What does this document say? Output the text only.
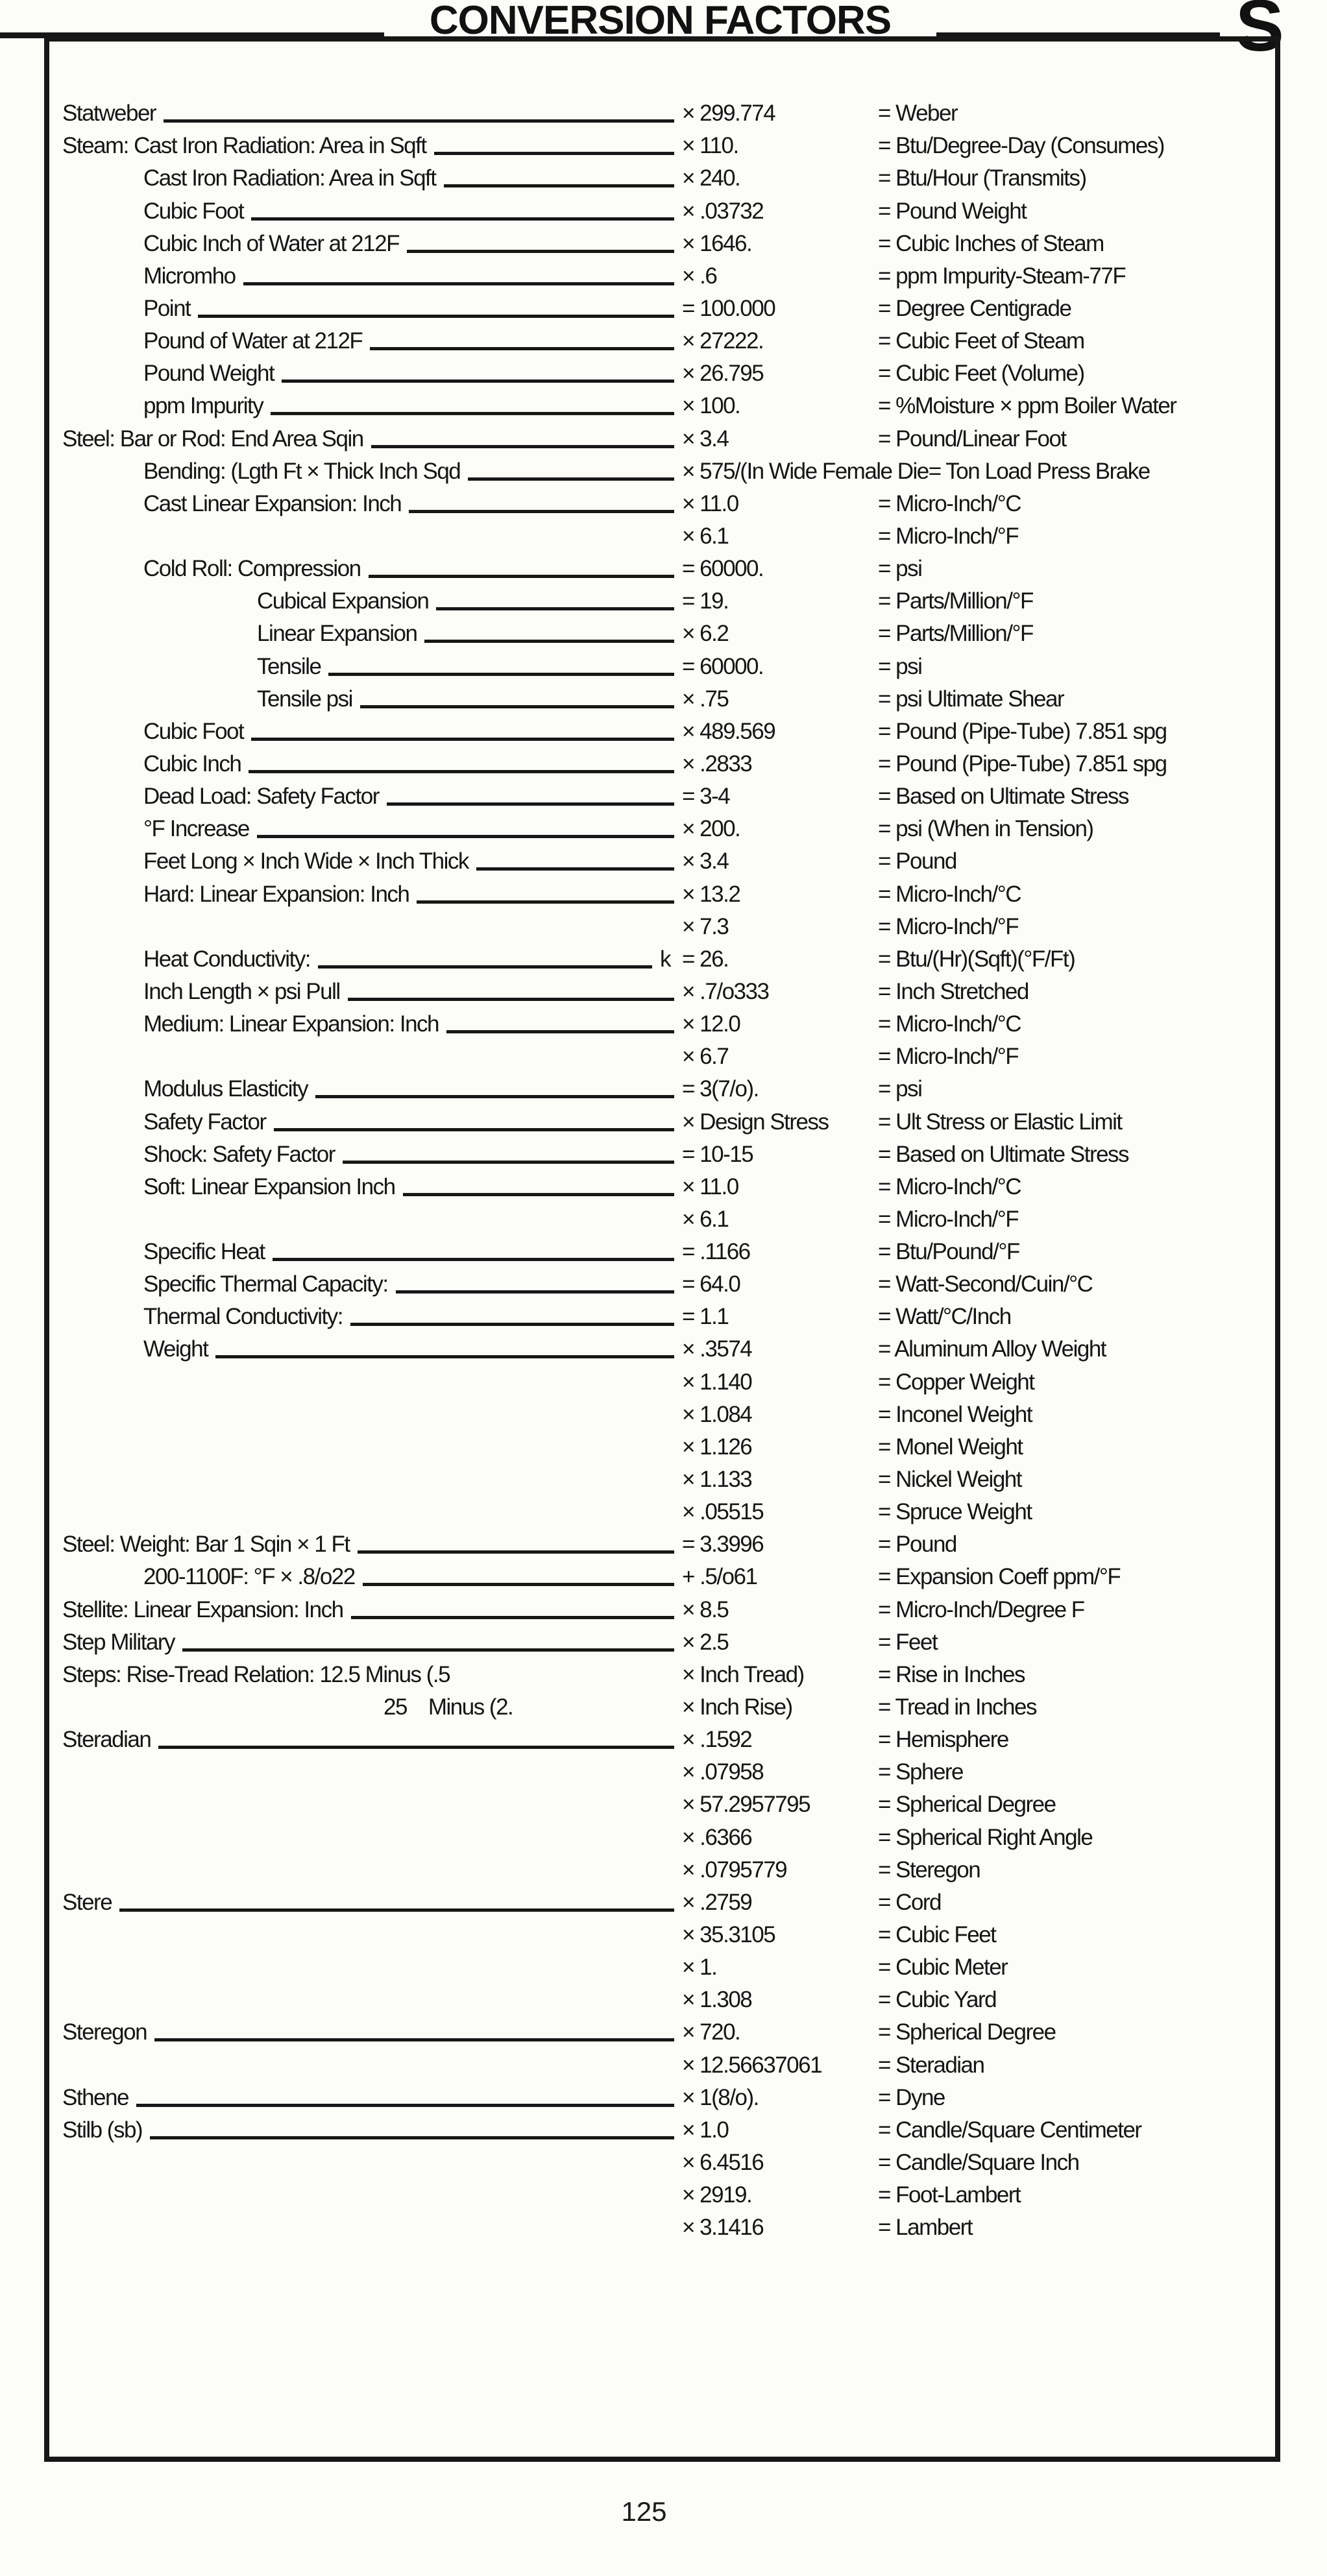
CONVERSION FACTORS	S
Statweber	× 299.774	= Weber
Steam: Cast Iron Radiation: Area in Sqft	× 110.	= Btu/Degree-Day (Consumes)
Cast Iron Radiation: Area in Sqft	× 240.	= Btu/Hour (Transmits)
Cubic Foot	× .03732	= Pound Weight
Cubic Inch of Water at 212F	× 1646.	= Cubic Inches of Steam
Micromho	× .6	= ppm Impurity-Steam-77F
Point	= 100.000	= Degree Centigrade
Pound of Water at 212F	× 27222.	= Cubic Feet of Steam
Pound Weight	× 26.795	= Cubic Feet (Volume)
ppm Impurity	× 100.	= %Moisture × ppm Boiler Water
Steel: Bar or Rod: End Area Sqin	× 3.4	= Pound/Linear Foot
Bending: (Lgth Ft × Thick Inch Sqd	× 575/(In Wide Female Die = Ton Load Press Brake
Cast Linear Expansion: Inch	× 11.0	= Micro-Inch/°C
× 6.1	= Micro-Inch/°F
Cold Roll: Compression	= 60000.	= psi
Cubical Expansion	= 19.	= Parts/Million/°F
Linear Expansion	× 6.2	= Parts/Million/°F
Tensile	= 60000.	= psi
Tensile psi	× .75	= psi Ultimate Shear
Cubic Foot	× 489.569	= Pound (Pipe-Tube) 7.851 spg
Cubic Inch	× .2833	= Pound (Pipe-Tube) 7.851 spg
Dead Load: Safety Factor	= 3-4	= Based on Ultimate Stress
°F Increase	× 200.	= psi (When in Tension)
Feet Long × Inch Wide × Inch Thick	× 3.4	= Pound
Hard: Linear Expansion: Inch	× 13.2	= Micro-Inch/°C
× 7.3	= Micro-Inch/°F
Heat Conductivity:	k = 26.	= Btu/(Hr)(Sqft)(°F/Ft)
Inch Length × psi Pull	× .7/o333	= Inch Stretched
Medium: Linear Expansion: Inch	× 12.0	= Micro-Inch/°C
× 6.7	= Micro-Inch/°F
Modulus Elasticity	= 3(7/o).	= psi
Safety Factor	× Design Stress	= Ult Stress or Elastic Limit
Shock: Safety Factor	= 10-15	= Based on Ultimate Stress
Soft: Linear Expansion Inch	× 11.0	= Micro-Inch/°C
× 6.1	= Micro-Inch/°F
Specific Heat	= .1166	= Btu/Pound/°F
Specific Thermal Capacity:	= 64.0	= Watt-Second/Cuin/°C
Thermal Conductivity:	= 1.1	= Watt/°C/Inch
Weight	× .3574	= Aluminum Alloy Weight
× 1.140	= Copper Weight
× 1.084	= Inconel Weight
× 1.126	= Monel Weight
× 1.133	= Nickel Weight
× .05515	= Spruce Weight
Steel: Weight: Bar 1 Sqin × 1 Ft	= 3.3996	= Pound
200-1100F: °F × .8/o22	+ .5/o61	= Expansion Coeff ppm/°F
Stellite: Linear Expansion: Inch	× 8.5	= Micro-Inch/Degree F
Step Military	× 2.5	= Feet
Steps: Rise-Tread Relation: 12.5 Minus (.5	× Inch Tread)	= Rise in Inches
25    Minus (2.	× Inch Rise)	= Tread in Inches
Steradian	× .1592	= Hemisphere
× .07958	= Sphere
× 57.2957795	= Spherical Degree
× .6366	= Spherical Right Angle
× .0795779	= Steregon
Stere	× .2759	= Cord
× 35.3105	= Cubic Feet
× 1.	= Cubic Meter
× 1.308	= Cubic Yard
Steregon	× 720.	= Spherical Degree
× 12.56637061	= Steradian
Sthene	× 1(8/o).	= Dyne
Stilb (sb)	× 1.0	= Candle/Square Centimeter
× 6.4516	= Candle/Square Inch
× 2919.	= Foot-Lambert
× 3.1416	= Lambert
125
